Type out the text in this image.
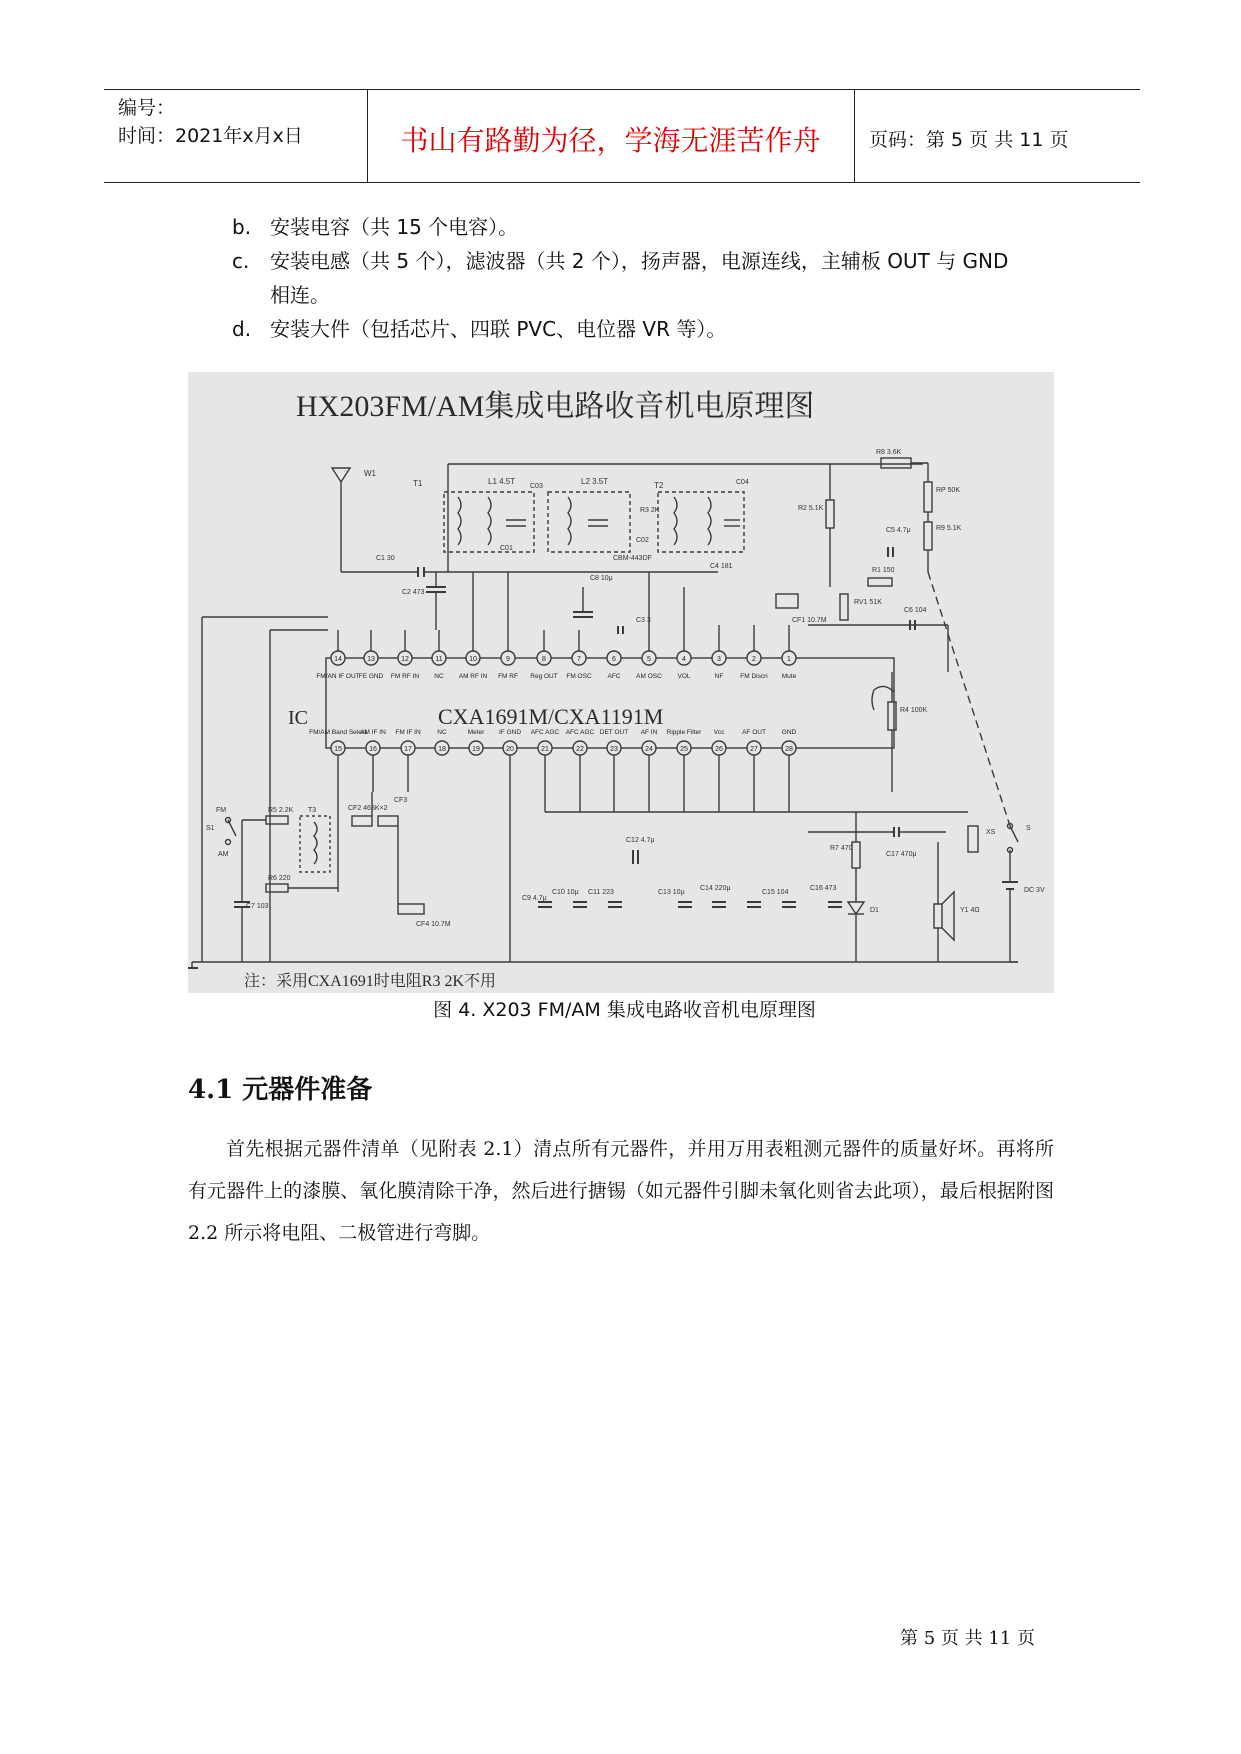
编号：
时间：2021年x月x日	书山有路勤为径，学海无涯苦作舟	页码：第 5 页 共 11 页
b. 安装电容（共 15 个电容）。
c. 安装电感（共 5 个），滤波器（共 2 个），扬声器，电源连线，主辅板 OUT 与 GND
相连。
d. 安装大件（包括芯片、四联 PVC、电位器 VR 等）。
HX203FM/AM集成电路收音机电原理图
W1
T1	L1 4.5T
C03
C01
L2 3.5T
R3 2K
C02
CBM-443DF
T2	C04
C4 181
R8 3.6K
RP 50K
R9 5.1K
R2 5.1K
C5 4.7μ
R1 150
RV1 51K
CF1 10.7M
C6 104
C1 30
C2 473
C3 3
C8 10μ
IC	CXA1691M/CXA1191M
14
FM/AN IF OUT
13
FE GND
12
FM RF IN
11
NC
10
AM RF IN
9
FM RF
8
Reg OUT
7
FM OSC
6
AFC
5
AM OSC
4
VOL
3
NF
2
FM Discri
1
Mute
15
FM/AM Band Select
16
AM IF IN
17
FM IF IN
18
NC
19
Meter
20
IF GND
21
AFC AGC
22
AFC AGC
23
DET OUT
24
AF IN
25
Ripple Filter
26
Vcc
27
AF OUT
28
GND
R4 100K
FM
S1
AM
R5 2.2K T3	CF2 465K×2
CF3
R6 220
C7 103
CF4 10.7M
C9 4.7μ
C10 10μ C11 223
C12 4.7μ
C13 10μ
C14 220μ
C15 104
C16 473
R7 470
D1
C17 470μ
XS
Y1 4Ω
S
DC 3V
注：采用CXA1691时电阻R3 2K不用
图 4. X203 FM/AM 集成电路收音机电原理图
4.1 元器件准备

首先根据元器件清单（见附表 2.1）清点所有元器件，并用万用表粗测元器件的质量好坏。再将所有元器件上的漆膜、氧化膜清除干净，然后进行搪锡（如元器件引脚未氧化则省去此项），最后根据附图 2.2 所示将电阻、二极管进行弯脚。

第 5 页 共 11 页
